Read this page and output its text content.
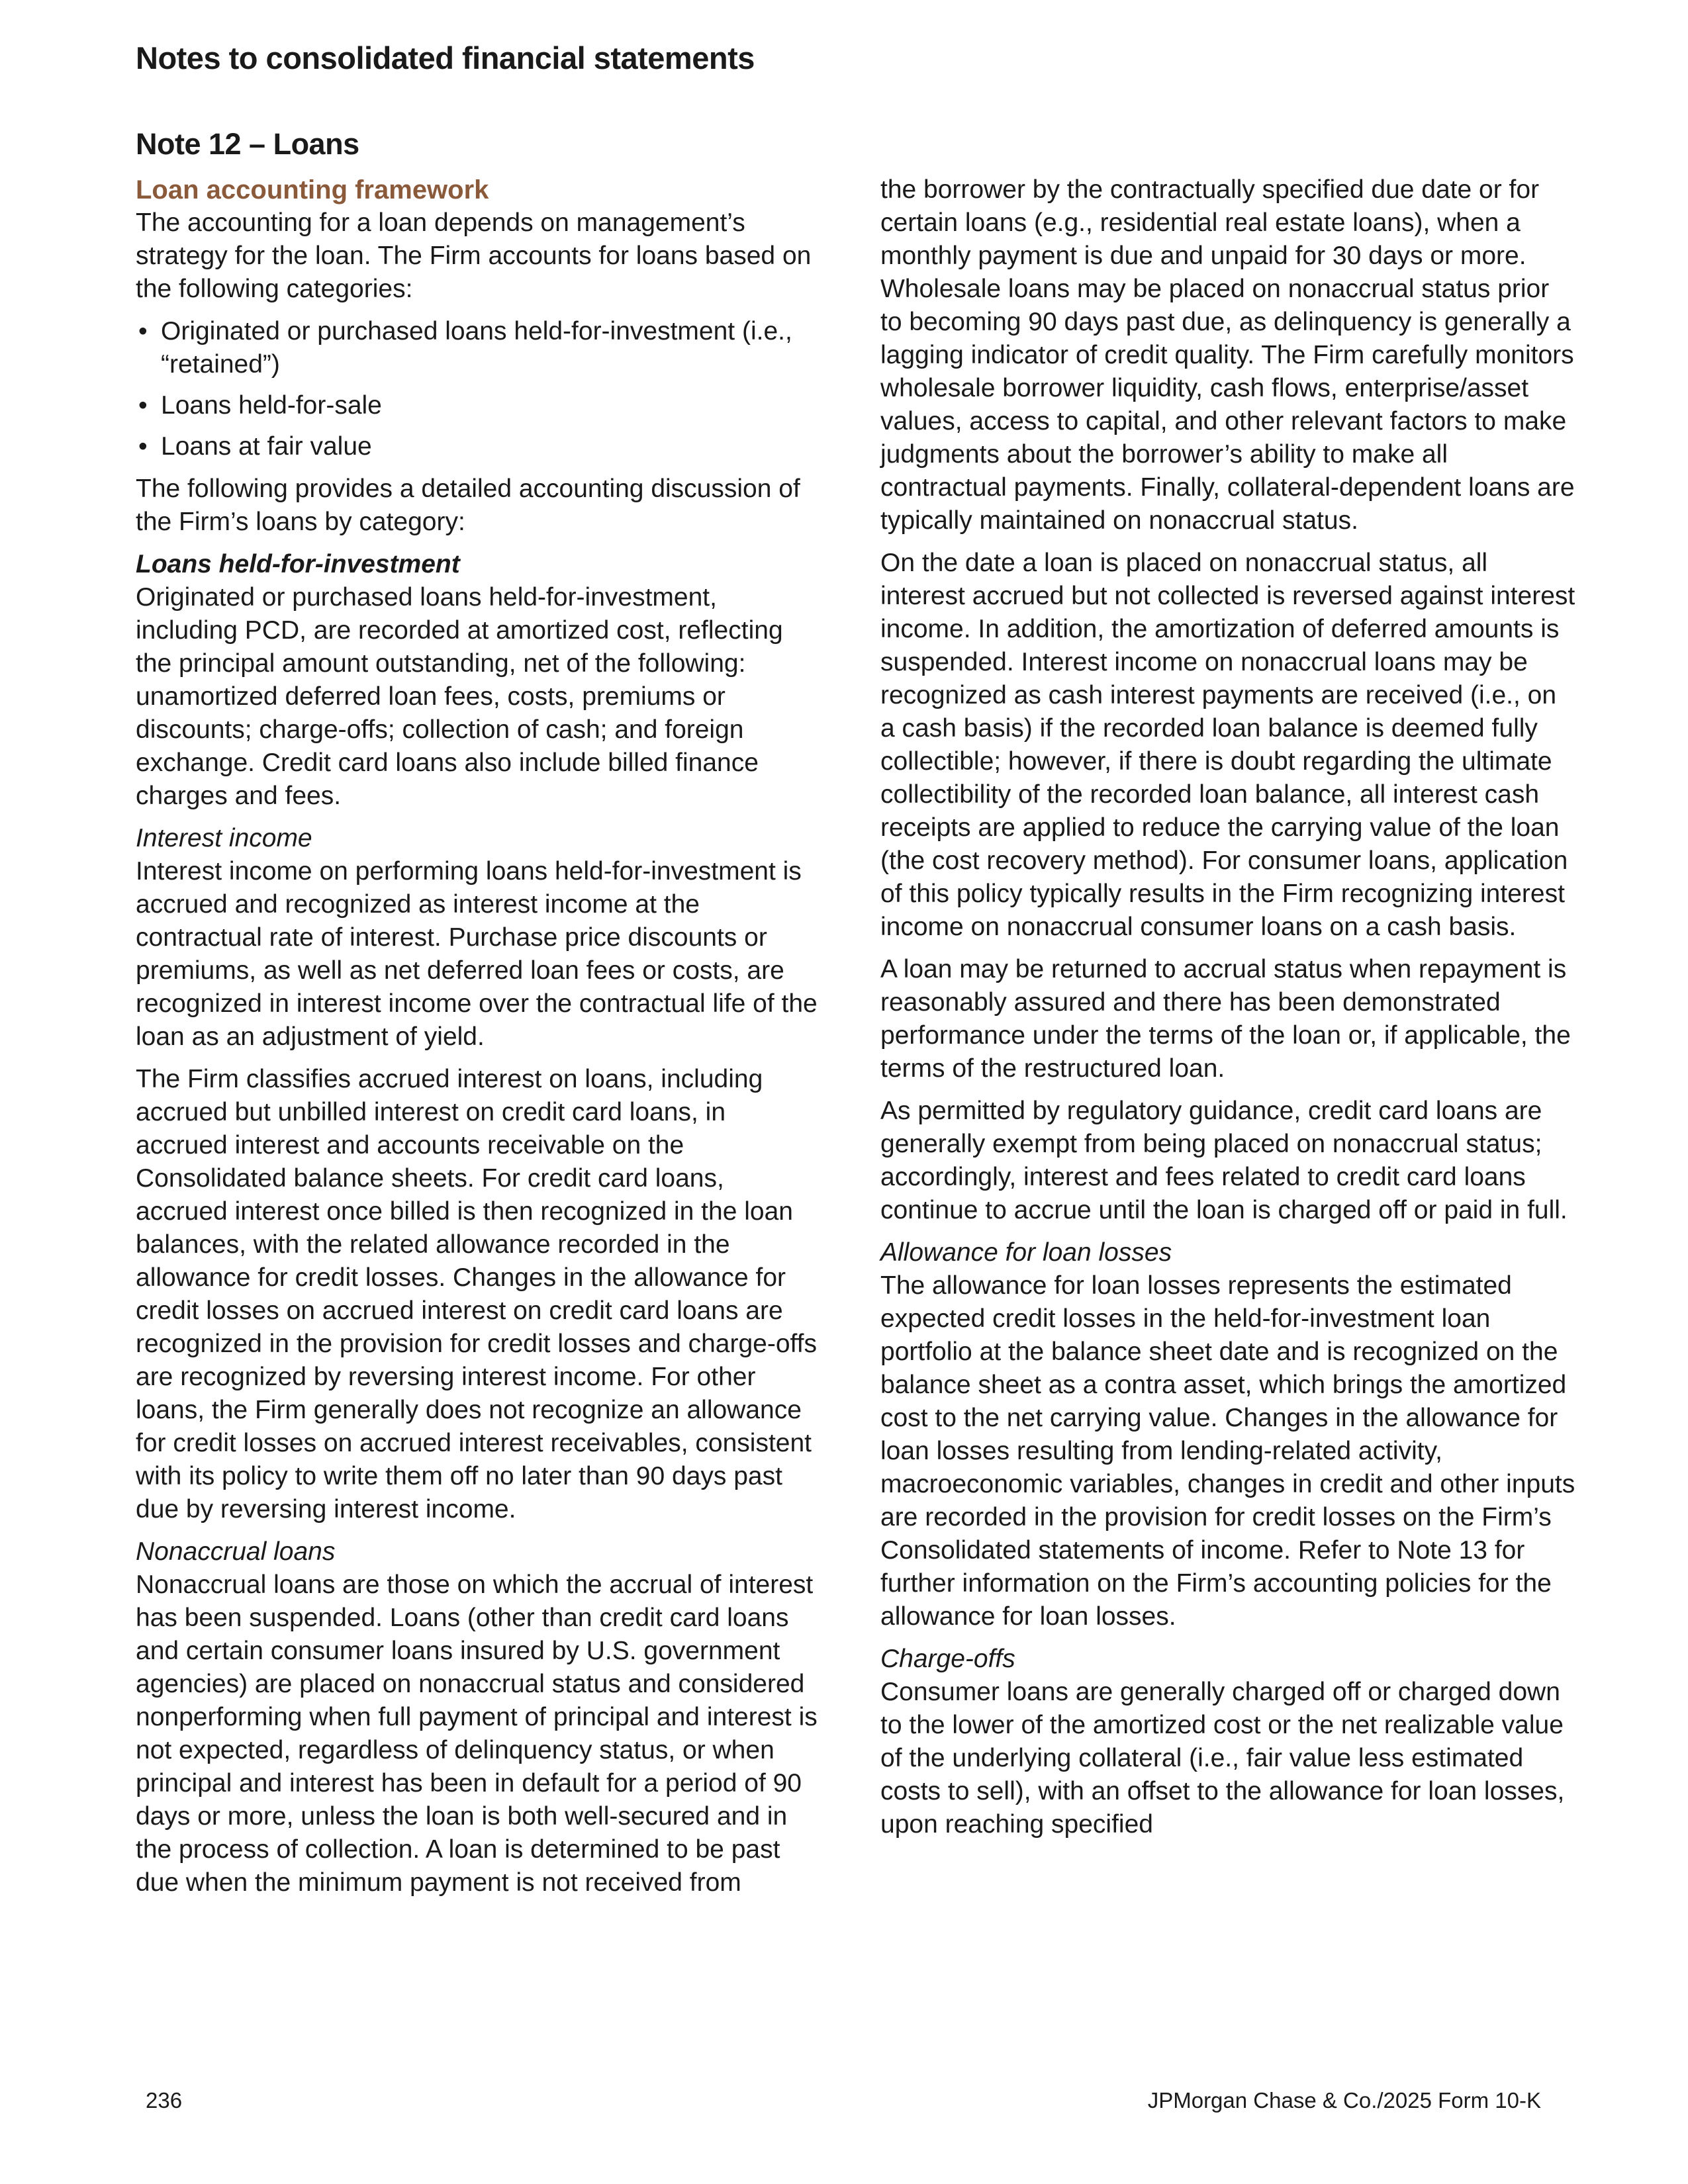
Notes to consolidated financial statements
Note 12 – Loans
Loan accounting framework

The accounting for a loan depends on management’s strategy for the loan. The Firm accounts for loans based on the following categories:

• Originated or purchased loans held-for-investment (i.e., “retained”)
• Loans held-for-sale
• Loans at fair value

The following provides a detailed accounting discussion of the Firm’s loans by category:

Loans held-for-investment

Originated or purchased loans held-for-investment, including PCD, are recorded at amortized cost, reflecting the principal amount outstanding, net of the following: unamortized deferred loan fees, costs, premiums or discounts; charge-offs; collection of cash; and foreign exchange. Credit card loans also include billed finance charges and fees.

Interest income

Interest income on performing loans held-for-investment is accrued and recognized as interest income at the contractual rate of interest. Purchase price discounts or premiums, as well as net deferred loan fees or costs, are recognized in interest income over the contractual life of the loan as an adjustment of yield.

The Firm classifies accrued interest on loans, including accrued but unbilled interest on credit card loans, in accrued interest and accounts receivable on the Consolidated balance sheets. For credit card loans, accrued interest once billed is then recognized in the loan balances, with the related allowance recorded in the allowance for credit losses. Changes in the allowance for credit losses on accrued interest on credit card loans are recognized in the provision for credit losses and charge-offs are recognized by reversing interest income. For other loans, the Firm generally does not recognize an allowance for credit losses on accrued interest receivables, consistent with its policy to write them off no later than 90 days past due by reversing interest income.

Nonaccrual loans

Nonaccrual loans are those on which the accrual of interest has been suspended. Loans (other than credit card loans and certain consumer loans insured by U.S. government agencies) are placed on nonaccrual status and considered nonperforming when full payment of principal and interest is not expected, regardless of delinquency status, or when principal and interest has been in default for a period of 90 days or more, unless the loan is both well-secured and in the process of collection. A loan is determined to be past due when the minimum payment is not received from

the borrower by the contractually specified due date or for certain loans (e.g., residential real estate loans), when a monthly payment is due and unpaid for 30 days or more. Wholesale loans may be placed on nonaccrual status prior to becoming 90 days past due, as delinquency is generally a lagging indicator of credit quality. The Firm carefully monitors wholesale borrower liquidity, cash flows, enterprise/asset values, access to capital, and other relevant factors to make judgments about the borrower’s ability to make all contractual payments. Finally, collateral-dependent loans are typically maintained on nonaccrual status.

On the date a loan is placed on nonaccrual status, all interest accrued but not collected is reversed against interest income. In addition, the amortization of deferred amounts is suspended. Interest income on nonaccrual loans may be recognized as cash interest payments are received (i.e., on a cash basis) if the recorded loan balance is deemed fully collectible; however, if there is doubt regarding the ultimate collectibility of the recorded loan balance, all interest cash receipts are applied to reduce the carrying value of the loan (the cost recovery method). For consumer loans, application of this policy typically results in the Firm recognizing interest income on nonaccrual consumer loans on a cash basis.

A loan may be returned to accrual status when repayment is reasonably assured and there has been demonstrated performance under the terms of the loan or, if applicable, the terms of the restructured loan.

As permitted by regulatory guidance, credit card loans are generally exempt from being placed on nonaccrual status; accordingly, interest and fees related to credit card loans continue to accrue until the loan is charged off or paid in full.

Allowance for loan losses

The allowance for loan losses represents the estimated expected credit losses in the held-for-investment loan portfolio at the balance sheet date and is recognized on the balance sheet as a contra asset, which brings the amortized cost to the net carrying value. Changes in the allowance for loan losses resulting from lending-related activity, macroeconomic variables, changes in credit and other inputs are recorded in the provision for credit losses on the Firm’s Consolidated statements of income. Refer to Note 13 for further information on the Firm’s accounting policies for the allowance for loan losses.

Charge-offs

Consumer loans are generally charged off or charged down to the lower of the amortized cost or the net realizable value of the underlying collateral (i.e., fair value less estimated costs to sell), with an offset to the allowance for loan losses, upon reaching specified

236	JPMorgan Chase & Co./2025 Form 10-K
